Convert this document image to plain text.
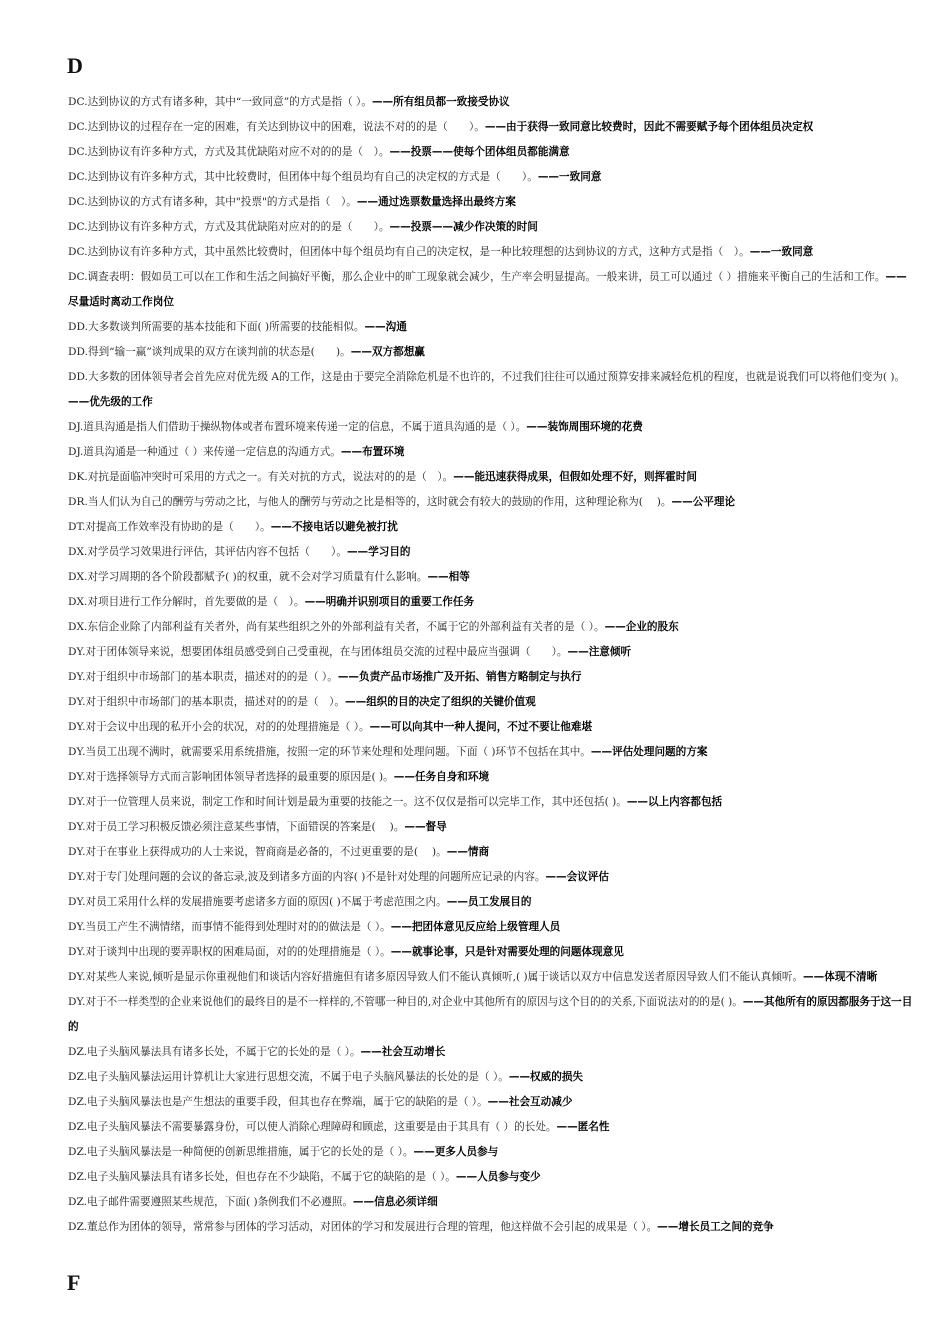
D
DC.达到协议的方式有诸多种，其中“一致同意”的方式是指（ ）。——所有组员都一致接受协议
DC.达到协议的过程存在一定的困难，有关达到协议中的困难，说法不对的的是（　　）。——由于获得一致同意比较费时，因此不需要赋予每个团体组员决定权
DC.达到协议有许多种方式，方式及其优缺陷对应不对的的是（　）。——投票——使每个团体组员都能满意
DC.达到协议有许多种方式，其中比较费时，但团体中每个组员均有自己的决定权的方式是（　　）。——一致同意
DC.达到协议的方式有诸多种，其中"投票"的方式是指（　）。——通过选票数量选择出最终方案
DC.达到协议有许多种方式，方式及其优缺陷对应对的的是（　　）。——投票——减少作决策的时间
DC.达到协议有许多种方式，其中虽然比较费时，但团体中每个组员均有自己的决定权，是一种比较理想的达到协议的方式，这种方式是指（　）。——一致同意
DC.调查表明：假如员工可以在工作和生活之间搞好平衡，那么企业中的旷工现象就会减少，生产率会明显提高。一般来讲，员工可以通过（ ）措施来平衡自己的生活和工作。——尽量适时离动工作岗位
DD.大多数谈判所需要的基本技能和下面( )所需要的技能相似。——沟通
DD.得到“输一赢”谈判成果的双方在谈判前的状态是(　　)。——双方都想赢
DD.大多数的团体领导者会首先应对优先级 A的工作，这是由于要完全消除危机是不也许的，不过我们往往可以通过预算安排来减轻危机的程度，也就是说我们可以将他们变为( )。——优先级的工作
DJ.道具沟通是指人们借助于操纵物体或者布置环境来传递一定的信息，不属于道具沟通的是（ ）。——装饰周围环境的花费
DJ.道具沟通是一种通过（ ）来传递一定信息的沟通方式。——布置环境
DK.对抗是面临冲突时可采用的方式之一。有关对抗的方式，说法对的的是（　）。——能迅速获得成果，但假如处理不好，则挥霍时间
DR.当人们认为自己的酬劳与劳动之比，与他人的酬劳与劳动之比是相等的，这时就会有较大的鼓励的作用，这种理论称为(　 )。——公平理论
DT.对提高工作效率没有协助的是（　　）。——不接电话以避免被打扰
DX.对学员学习效果进行评估，其评估内容不包括（　　）。——学习目的
DX.对学习周期的各个阶段都赋予( )的权重，就不会对学习质量有什么影响。——相等
DX.对项目进行工作分解时，首先要做的是（　）。——明确并识别项目的重要工作任务
DX.东信企业除了内部利益有关者外，尚有某些组织之外的外部利益有关者，不属于它的外部利益有关者的是（ ）。——企业的股东
DY.对于团体领导来说，想要团体组员感受到自己受重视，在与团体组员交流的过程中最应当强调（　　）。——注意倾听
DY.对于组织中市场部门的基本职责，描述对的的是（ ）。——负责产品市场推广及开拓、销售方略制定与执行
DY.对于组织中市场部门的基本职责，描述对的的是（　）。——组织的目的决定了组织的关键价值观
DY.对于会议中出现的私开小会的状况，对的的处理措施是（ ）。——可以向其中一种人提问，不过不要让他难堪
DY.当员工出现不满时，就需要采用系统措施，按照一定的环节来处理和处理问题。下面（ )环节不包括在其中。——评估处理问题的方案
DY.对于选择领导方式而言影响团体领导者选择的最重要的原因是( )。——任务自身和环境
DY.对于一位管理人员来说，制定工作和时间计划是最为重要的技能之一。这不仅仅是指可以完毕工作，其中还包括( )。——以上内容都包括
DY.对于员工学习积极反馈必须注意某些事情，下面错误的答案是(　 )。——督导
DY.对于在事业上获得成功的人士来说，智商商是必备的，不过更重要的是(　 )。——情商
DY.对于专门处理问题的会议的备忘录,波及到诸多方面的内容( )不是针对处理的问题所应记录的内容。——会议评估
DY.对员工采用什么样的发展措施要考虑诸多方面的原因( )不属于考虑范围之内。——员工发展目的
DY.当员工产生不满情绪，而事情不能得到处理时对的的做法是（ ）。——把团体意见反应给上级管理人员
DY.对于谈判中出现的要弄职权的困难局面，对的的处理措施是（ ）。——就事论事，只是针对需要处理的问题体现意见
DY.对某些人来说,倾听是显示你重视他们和谈话内容好措施但有诸多原因导致人们不能认真倾听,( )属于谈话以双方中信息发送者原因导致人们不能认真倾听。——体现不清晰
DY.对于不一样类型的企业来说他们的最终目的是不一样样的,不管哪一种目的,对企业中其他所有的原因与这个目的的关系,下面说法对的的是( )。——其他所有的原因都服务于这一目的
DZ.电子头脑风暴法具有诸多长处，不属于它的长处的是（ ）。——社会互动增长
DZ.电子头脑风暴法运用计算机让大家进行思想交流，不属于电子头脑风暴法的长处的是（ ）。——权威的损失
DZ.电子头脑风暴法也是产生想法的重要手段，但其也存在弊端，属于它的缺陷的是（ ）。——社会互动减少
DZ.电子头脑风暴法不需要暴露身份，可以使人消除心理障碍和顾虑，这重要是由于其具有（ ）的长处。——匿名性
DZ.电子头脑风暴法是一种简便的创新思维措施，属于它的长处的是（ ）。——更多人员参与
DZ.电子头脑风暴法具有诸多长处，但也存在不少缺陷，不属于它的缺陷的是（ ）。——人员参与变少
DZ.电子邮件需要遵照某些规范，下面( )条例我们不必遵照。——信息必须详细
DZ.董总作为团体的领导，常常参与团体的学习活动，对团体的学习和发展进行合理的管理，他这样做不会引起的成果是（ ）。——增长员工之间的竞争
F
